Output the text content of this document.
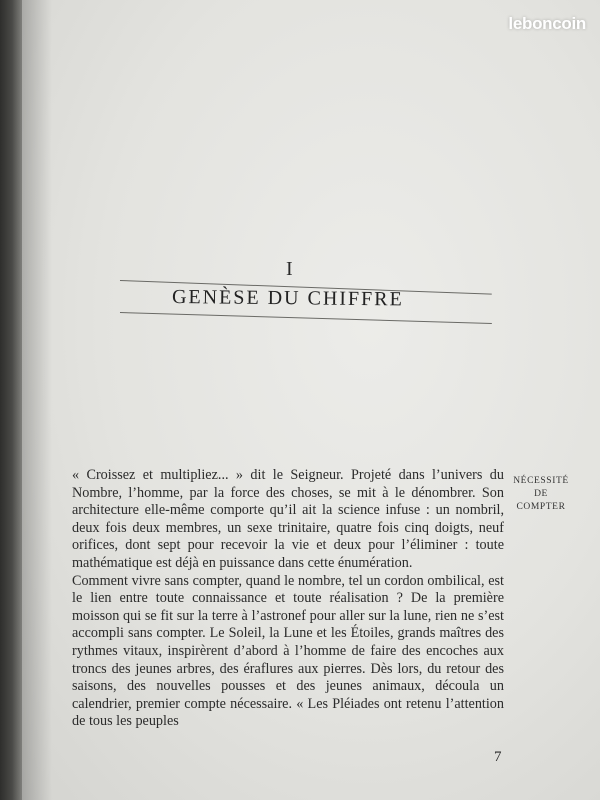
leboncoin
I
GENÈSE DU CHIFFRE

« Croissez et multipliez... » dit le Seigneur. Projeté dans l’univers du Nombre, l’homme, par la force des choses, se mit à le dénombrer. Son architecture elle-même comporte qu’il ait la science infuse : un nombril, deux fois deux membres, un sexe trinitaire, quatre fois cinq doigts, neuf orifices, dont sept pour recevoir la vie et deux pour l’éliminer : toute mathématique est déjà en puissance dans cette énumération.

Comment vivre sans compter, quand le nombre, tel un cordon ombilical, est le lien entre toute connaissance et toute réalisation ? De la première moisson qui se fit sur la terre à l’astronef pour aller sur la lune, rien ne s’est accompli sans compter. Le Soleil, la Lune et les Étoiles, grands maîtres des rythmes vitaux, inspirèrent d’abord à l’homme de faire des encoches aux troncs des jeunes arbres, des éraflures aux pierres. Dès lors, du retour des saisons, des nouvelles pousses et des jeunes animaux, découla un calendrier, premier compte nécessaire. « Les Pléiades ont retenu l’attention de tous les peuples

NÉCESSITÉ
DE
COMPTER
7
